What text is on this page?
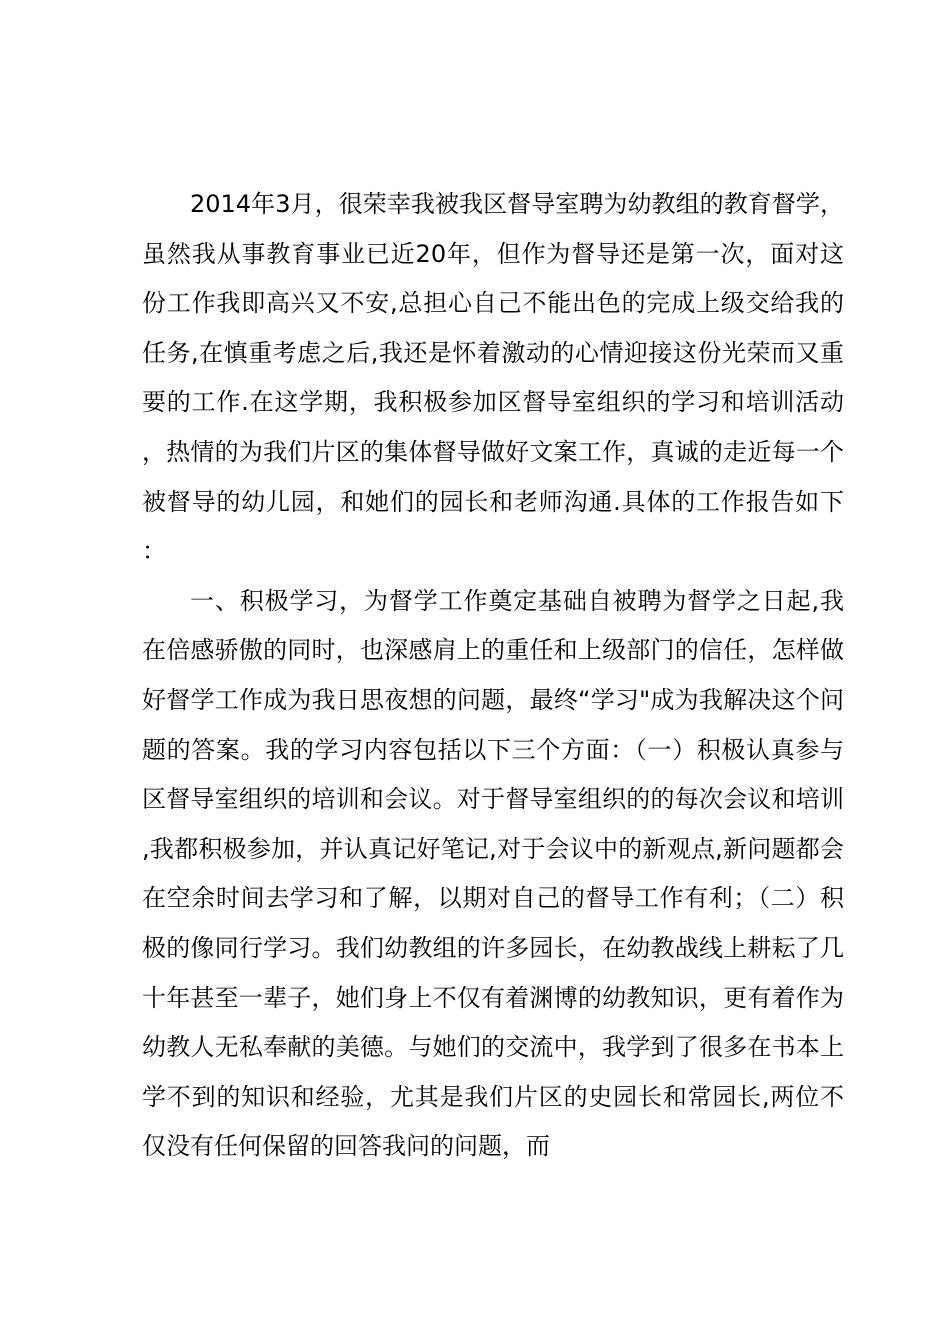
2014年3月，很荣幸我被我区督导室聘为幼教组的教育督学，虽然我从事教育事业已近20年，但作为督导还是第一次，面对这份工作我即高兴又不安,总担心自己不能出色的完成上级交给我的任务,在慎重考虑之后,我还是怀着激动的心情迎接这份光荣而又重要的工作.在这学期，我积极参加区督导室组织的学习和培训活动，热情的为我们片区的集体督导做好文案工作，真诚的走近每一个被督导的幼儿园，和她们的园长和老师沟通.具体的工作报告如下：

一、积极学习，为督学工作奠定基础自被聘为督学之日起,我在倍感骄傲的同时，也深感肩上的重任和上级部门的信任，怎样做好督学工作成为我日思夜想的问题，最终“学习"成为我解决这个问题的答案。我的学习内容包括以下三个方面：（一）积极认真参与区督导室组织的培训和会议。对于督导室组织的的每次会议和培训,我都积极参加，并认真记好笔记,对于会议中的新观点,新问题都会在空余时间去学习和了解，以期对自己的督导工作有利；（二）积极的像同行学习。我们幼教组的许多园长，在幼教战线上耕耘了几十年甚至一辈子，她们身上不仅有着渊博的幼教知识，更有着作为幼教人无私奉献的美德。与她们的交流中，我学到了很多在书本上学不到的知识和经验，尤其是我们片区的史园长和常园长,两位不仅没有任何保留的回答我问的问题，而
